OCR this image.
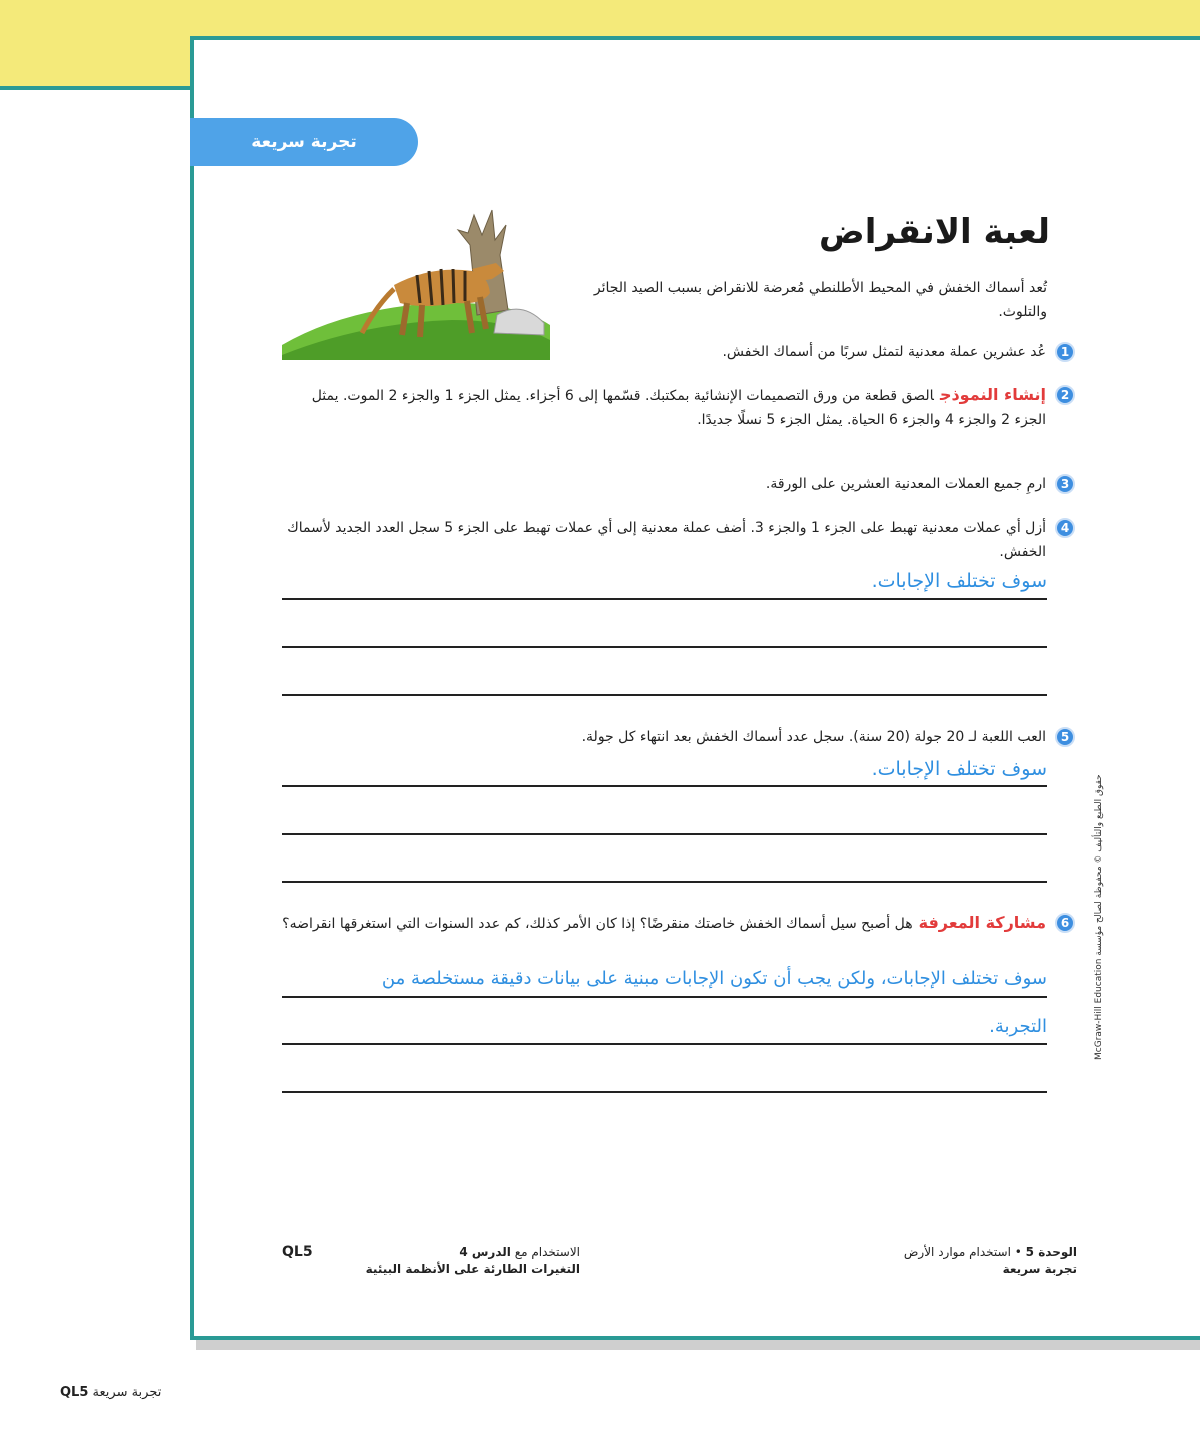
تجربة سريعة
لعبة الانقراض
تُعد أسماك الخفش في المحيط الأطلنطي مُعرضة للانقراض بسبب الصيد الجائر والتلوث.
1
عُد عشرين عملة معدنية لتمثل سربًا من أسماك الخفش.
2
إنشاء النموذجالصق قطعة من ورق التصميمات الإنشائية بمكتبك. قسّمها إلى 6 أجزاء. يمثل الجزء 1 والجزء 2 الموت. يمثل الجزء 2 والجزء 4 والجزء 6 الحياة. يمثل الجزء 5 نسلًا جديدًا.
3
ارمِ جميع العملات المعدنية العشرين على الورقة.
4
أزل أي عملات معدنية تهبط على الجزء 1 والجزء 3. أضف عملة معدنية إلى أي عملات تهبط على الجزء 5 سجل العدد الجديد لأسماك الخفش.
سوف تختلف الإجابات.
5
العب اللعبة لـ 20 جولة (20 سنة). سجل عدد أسماك الخفش بعد انتهاء كل جولة.
سوف تختلف الإجابات.
6
مشاركة المعرفةهل أصبح سيل أسماك الخفش خاصتك منقرضًا؟ إذا كان الأمر كذلك، كم عدد السنوات التي استغرقها انقراضه؟
سوف تختلف الإجابات، ولكن يجب أن تكون الإجابات مبنية على بيانات دقيقة مستخلصة من
التجربة.
الوحدة 5 • استخدام موارد الأرض
تجربة سريعة
الاستخدام مع الدرس 4
التغيرات الطارئة على الأنظمة البيئية
QL5
McGraw-Hill Education حقوق الطبع والتأليف © محفوظة لصالح مؤسسة
QL5 تجربة سريعة
